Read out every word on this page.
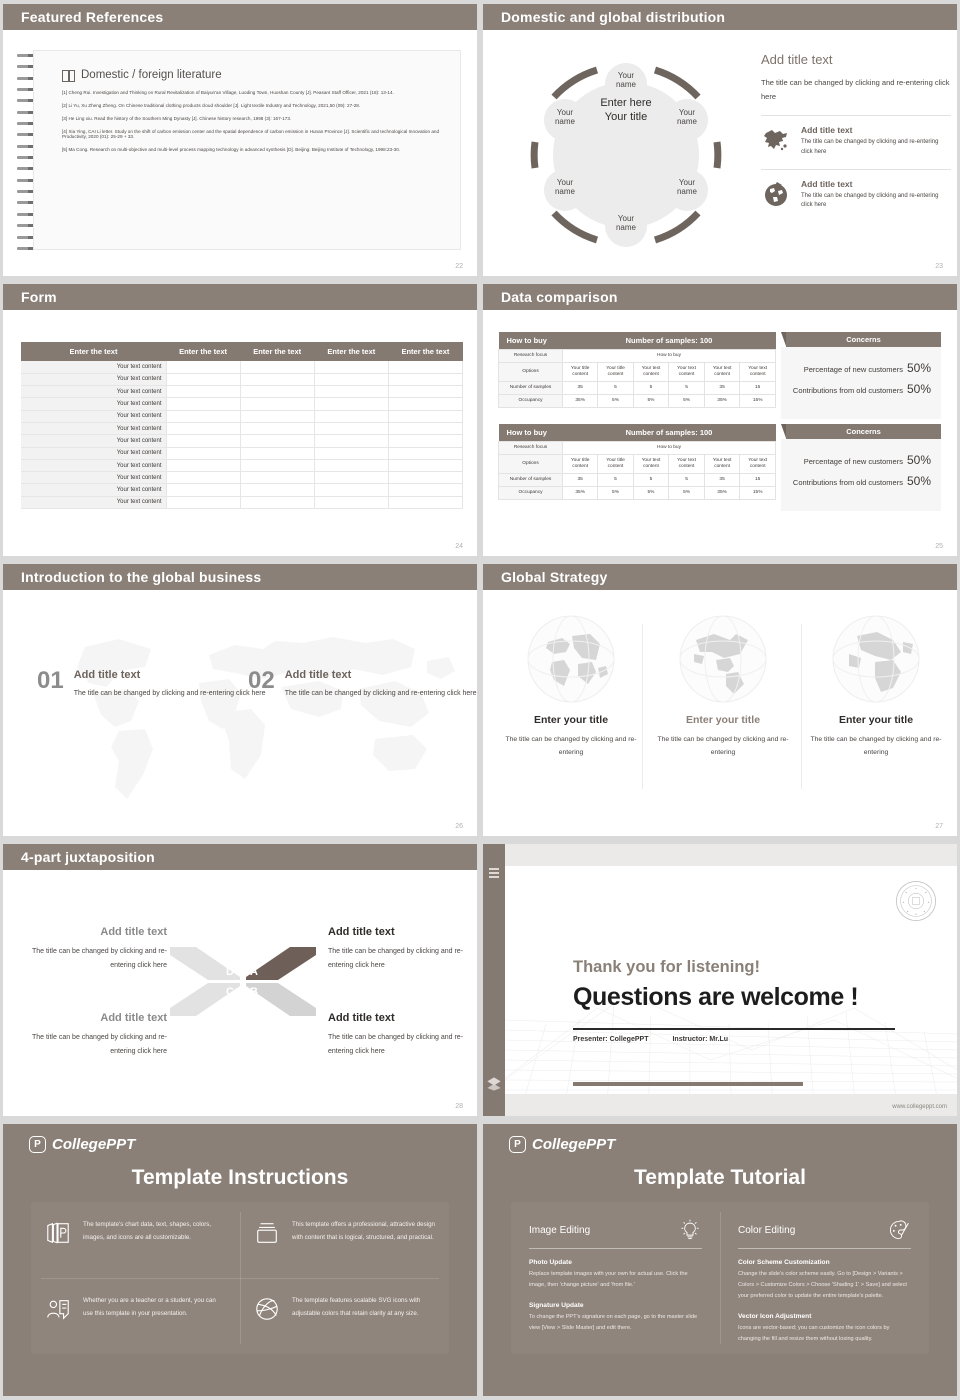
Featured References
Domestic / foreign literature

[1] Cheng Rui. Investigation and Thinking on Rural Revitalization of Baiyun'an Village, Luoding Town, Huoshan County [J]. Peasant Staff Officer, 2021 (18): 13-14.

[2] Li Yu, Xu Zheng Zheng. On Chinese traditional clothing products cloud shoulder [J]. Light textile Industry and Technology, 2021,50 (09): 27-28.

[3] He Ling xiu. Read the history of the Southern Ming Dynasty [J]. Chinese history research, 1998 (3): 167-173.

[4] Xia Ying, CAI Li letter. Study on the shift of carbon emission center and the spatial dependence of carbon emission in Hunan Province [J]. Scientific and technological Innovation and Productivity, 2020 (01): 25-29 + 33.

[5] Ma Cong. Research on multi-objective and multi-level process mapping technology in advanced synthesis [D]. Beijing: Beijing Institute of Technology, 1998:23-30.

22
Domestic and global distribution
Enter here
Your title
Your
name
Your
name
Your
name
Your
name
Your
name
Your
name
Add title text
The title can be changed by clicking and re-entering click here
Add title text

The title can be changed by clicking and re-entering click here

Add title text

The title can be changed by clicking and re-entering click here

23
Form
Enter the text	Enter the text	Enter the text	Enter the text	Enter the text
Your text content				
Your text content				
Your text content				
Your text content				
Your text content				
Your text content				
Your text content				
Your text content				
Your text content				
Your text content				
Your text content				
Your text content				
24
Data comparison
How to buy	Number of samples: 100					
Research focus	How to buy					
Options	Your title content	Your title content	Your text content	Your text content	Your text content	Your text content
Number of samples	35	5	5	5	35	15
Occupancy	35%	5%	5%	5%	35%	15%
How to buy	Number of samples: 100					
Research focus	How to buy					
Options	Your title content	Your title content	Your text content	Your text content	Your text content	Your text content
Number of samples	35	5	5	5	35	15
Occupancy	35%	5%	5%	5%	35%	15%
Concerns
Percentage of new customers 50%
Contributions from old customers 50%
Concerns
Percentage of new customers 50%
Contributions from old customers 50%
25
Introduction to the global business
01 Add title text

The title can be changed by clicking and re-entering click here

02 Add title text

The title can be changed by clicking and re-entering click here

26
Global Strategy
Enter your title

The title can be changed by clicking and re-entering

Enter your title

The title can be changed by clicking and re-entering

Enter your title

The title can be changed by clicking and re-entering

27
4-part juxtaposition
A
B
C
D
Add title text

The title can be changed by clicking and re-entering click here

Add title text

The title can be changed by clicking and re-entering click here

Add title text

The title can be changed by clicking and re-entering click here

Add title text

The title can be changed by clicking and re-entering click here

28
Thank you for listening!
Questions are welcome !
Presenter: CollegePPT	Instructor: Mr.Lu
www.collegeppt.com
P CollegePPT
Template Instructions

The template's chart data, text, shapes, colors, images, and icons are all customizable.

This template offers a professional, attractive design with content that is logical, structured, and practical.

Whether you are a teacher or a student, you can use this template in your presentation.

The template features scalable SVG icons with adjustable colors that retain clarity at any size.

P CollegePPT
Template Tutorial
Image Editing
Photo Update

Replace template images with your own for actual use. Click the image, then 'change picture' and 'from file.'

Signature Update

To change the PPT's signature on each page, go to the master slide view [View > Slide Master] and edit there.

Color Editing
Color Scheme Customization

Change the slide's color scheme easily. Go to [Design > Variants > Colors > Customize Colors > Choose 'Shading 1' > Save] and select your preferred color to update the entire template's palette.

Vector Icon Adjustment

Icons are vector-based; you can customize the icon colors by changing the fill and resize them without losing quality.
